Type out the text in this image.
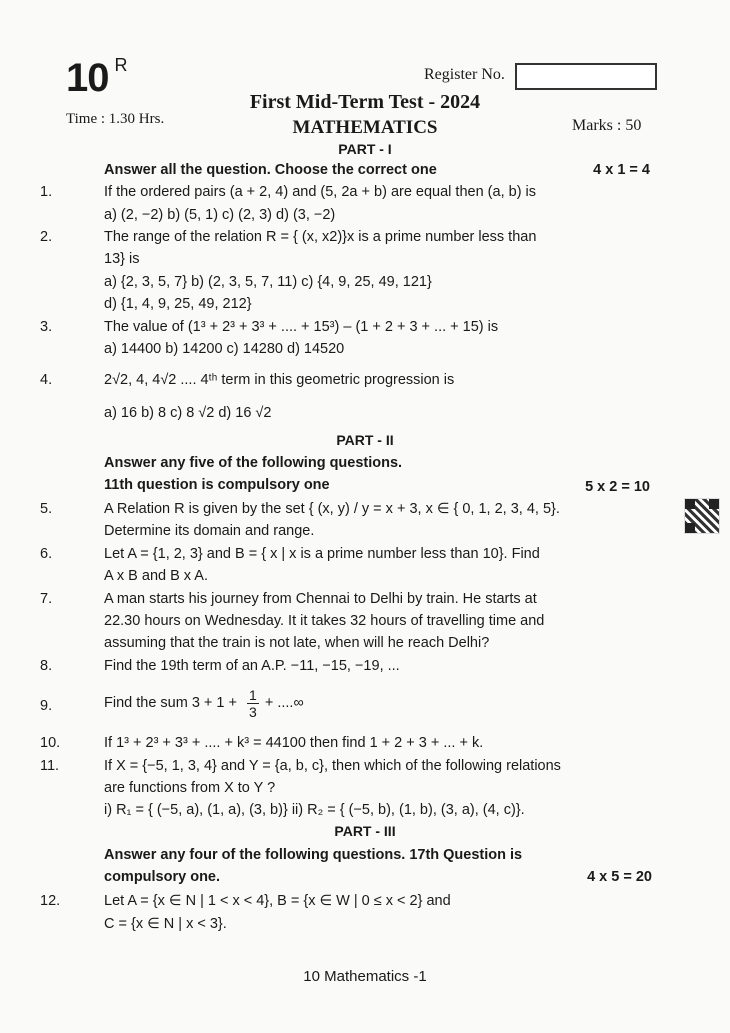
10 $^R$	Register No.
First Mid-Term Test - 2024
Time : 1.30 Hrs.	MATHEMATICS	Marks : 50
PART - I
Answer all the question. Choose the correct one	4 x 1 = 4
1.	If the ordered pairs (a + 2, 4) and (5, 2a + b) are equal then (a, b) is
a) (2, −2) b) (5, 1) c) (2, 3) d) (3, −2)
2.	The range of the relation R = { (x, x2)}x is a prime number less than
13} is
a) {2, 3, 5, 7} b) (2, 3, 5, 7, 11) c) {4, 9, 25, 49, 121}
d) {1, 4, 9, 25, 49, 212}
3.	The value of (1³ + 2³ + 3³ + .... + 15³) – (1 + 2 + 3 + ... + 15) is
a) 14400 b) 14200 c) 14280 d) 14520
4.	2√2, 4, 4√2 .... 4ᵗʰ term in this geometric progression is
a) 16 b) 8 c) 8 √2 d) 16 √2
PART - II
Answer any five of the following questions.
11th question is compulsory one	5 x 2 = 10
5.	A Relation R is given by the set { (x, y) / y = x + 3, x ∈ { 0, 1, 2, 3, 4, 5}.
Determine its domain and range.
6.	Let A = {1, 2, 3} and B = { x | x is a prime number less than 10}. Find
A x B and B x A.
7.	A man starts his journey from Chennai to Delhi by train. He starts at
22.30 hours on Wednesday. It it takes 32 hours of travelling time and
assuming that the train is not late, when will he reach Delhi?
8.	Find the 19th term of an A.P. −11, −15, −19, ...
9.	Find the sum $3 + 1 + \frac{1}{3}$ + ....∞
10.	If 1³ + 2³ + 3³ + .... + k³ = 44100 then find 1 + 2 + 3 + ... + k.
11.	If X = {−5, 1, 3, 4} and Y = {a, b, c}, then which of the following relations
are functions from X to Y ?
i) R₁ = { (−5, a), (1, a), (3, b)} ii) R₂ = { (−5, b), (1, b), (3, a), (4, c)}.
PART - III
Answer any four of the following questions. 17th Question is
compulsory one.	4 x 5 = 20
12.	Let A = {x ∈ N | 1 < x < 4}, B = {x ∈ W | 0 ≤ x < 2} and
C = {x ∈ N | x < 3}.
10 Mathematics -1
